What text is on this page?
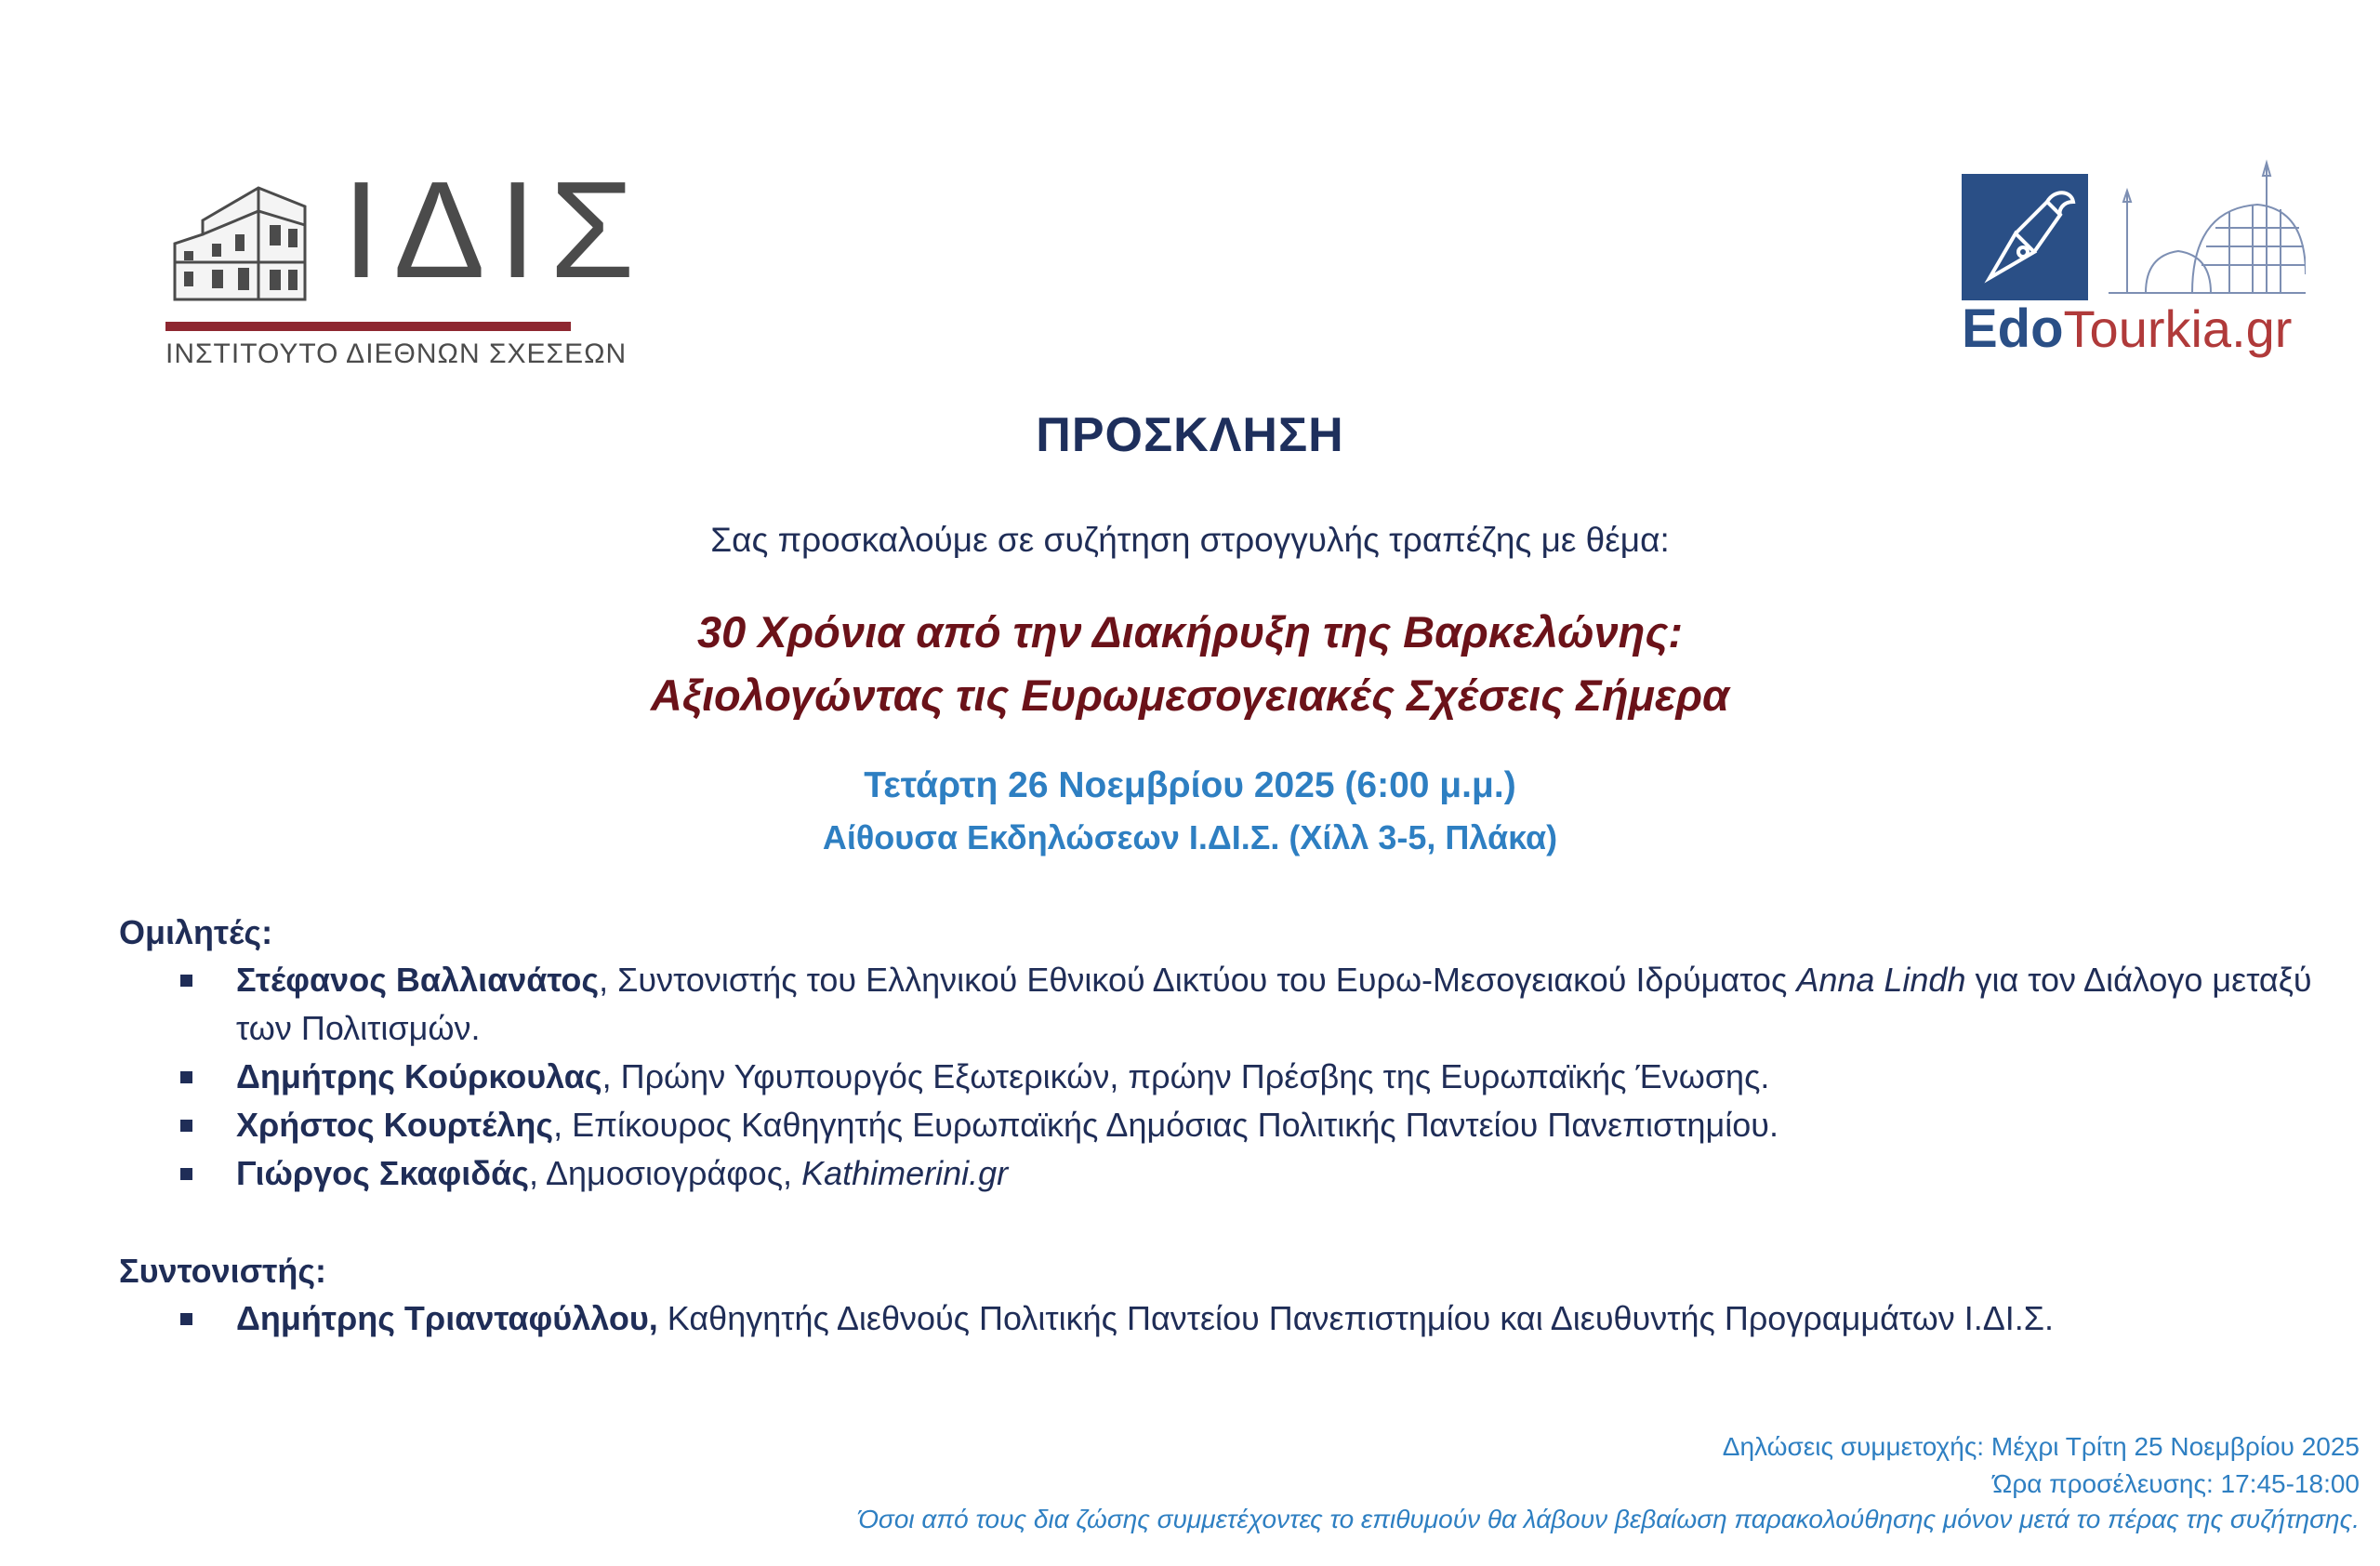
ΙΔΙΣ
ΙΝΣΤΙΤΟΥΤΟ ΔΙΕΘΝΩΝ ΣΧΕΣΕΩΝ	EdoTourkia.gr
ΠΡΟΣΚΛΗΣΗ
Σας προσκαλούμε σε συζήτηση στρογγυλής τραπέζης με θέμα:
30 Χρόνια από την Διακήρυξη της Βαρκελώνης:
Αξιολογώντας τις Ευρωμεσογειακές Σχέσεις Σήμερα
Τετάρτη 26 Νοεμβρίου 2025 (6:00 μ.μ.)
Αίθουσα Εκδηλώσεων Ι.ΔΙ.Σ. (Χίλλ 3-5, Πλάκα)
Ομιλητές:
Στέφανος Βαλλιανάτος, Συντονιστής του Ελληνικού Εθνικού Δικτύου του Ευρω-Μεσογειακού Ιδρύματος Anna Lindh για τον Διάλογο μεταξύ των Πολιτισμών.
Δημήτρης Κούρκουλας, Πρώην Υφυπουργός Εξωτερικών, πρώην Πρέσβης της Ευρωπαϊκής Ένωσης.
Χρήστος Κουρτέλης, Επίκουρος Καθηγητής Ευρωπαϊκής Δημόσιας Πολιτικής Παντείου Πανεπιστημίου.
Γιώργος Σκαφιδάς, Δημοσιογράφος, Kathimerini.gr
Συντονιστής:
Δημήτρης Τριανταφύλλου, Καθηγητής Διεθνούς Πολιτικής Παντείου Πανεπιστημίου και Διευθυντής Προγραμμάτων Ι.ΔΙ.Σ.
Δηλώσεις συμμετοχής: Μέχρι Τρίτη 25 Νοεμβρίου 2025
Ώρα προσέλευσης: 17:45-18:00
Όσοι από τους δια ζώσης συμμετέχοντες το επιθυμούν θα λάβουν βεβαίωση παρακολούθησης μόνον μετά το πέρας της συζήτησης.
